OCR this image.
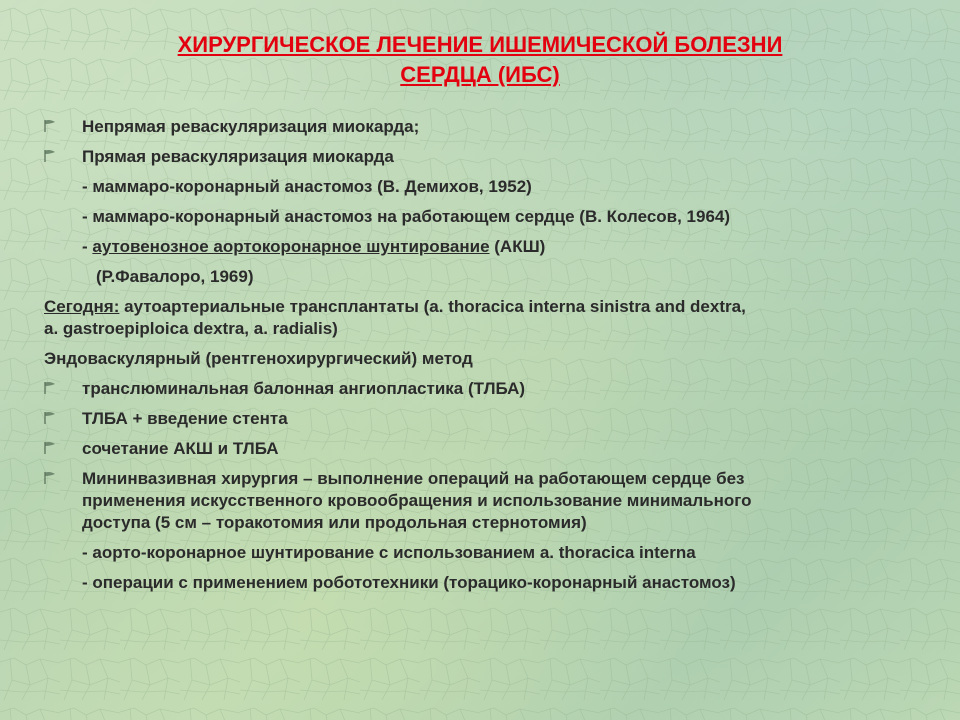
ХИРУРГИЧЕСКОЕ ЛЕЧЕНИЕ ИШЕМИЧЕСКОЙ БОЛЕЗНИ
СЕРДЦА (ИБС)
Непрямая реваскуляризация миокарда;
Прямая реваскуляризация миокарда
- маммаро-коронарный анастомоз (В. Демихов, 1952)
- маммаро-коронарный анастомоз на работающем сердце (В. Колесов, 1964)
- аутовенозное аортокоронарное шунтирование (АКШ)
(Р.Фавалоро, 1969)
Сегодня: аутоартериальные трансплантаты (a. thoracica interna sinistra and dextra,
a. gastroepiploica dextra, a. radialis)
Эндоваскулярный (рентгенохирургический) метод
транслюминальная балонная ангиопластика (ТЛБА)
ТЛБА + введение стента
сочетание АКШ и ТЛБА
Мининвазивная хирургия – выполнение операций на работающем сердце без
применения искусственного кровообращения и использование минимального
доступа (5 см – торакотомия или продольная стернотомия)
- аорто-коронарное шунтирование с использованием a. thoracica interna
- операции с применением робототехники (торацико-коронарный анастомоз)
